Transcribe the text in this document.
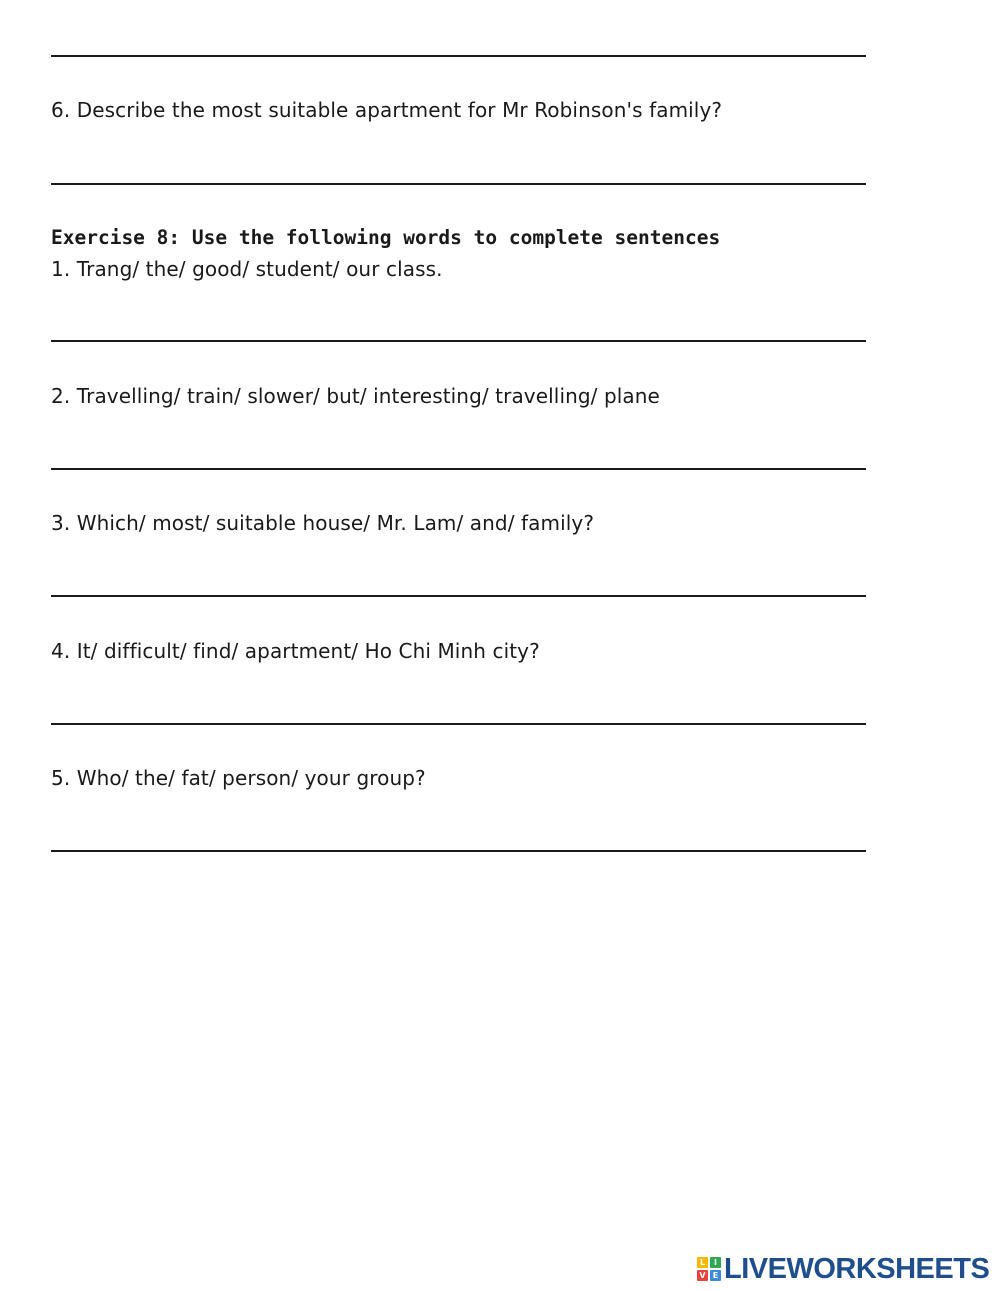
6. Describe the most suitable apartment for Mr Robinson's family?
Exercise 8: Use the following words to complete sentences
1. Trang/ the/ good/ student/ our class.
2. Travelling/ train/ slower/ but/ interesting/ travelling/ plane
3. Which/ most/ suitable house/ Mr. Lam/ and/ family?
4. It/ difficult/ find/ apartment/ Ho Chi Minh city?
5. Who/ the/ fat/ person/ your group?
L	I
V E LIVEWORKSHEETS
